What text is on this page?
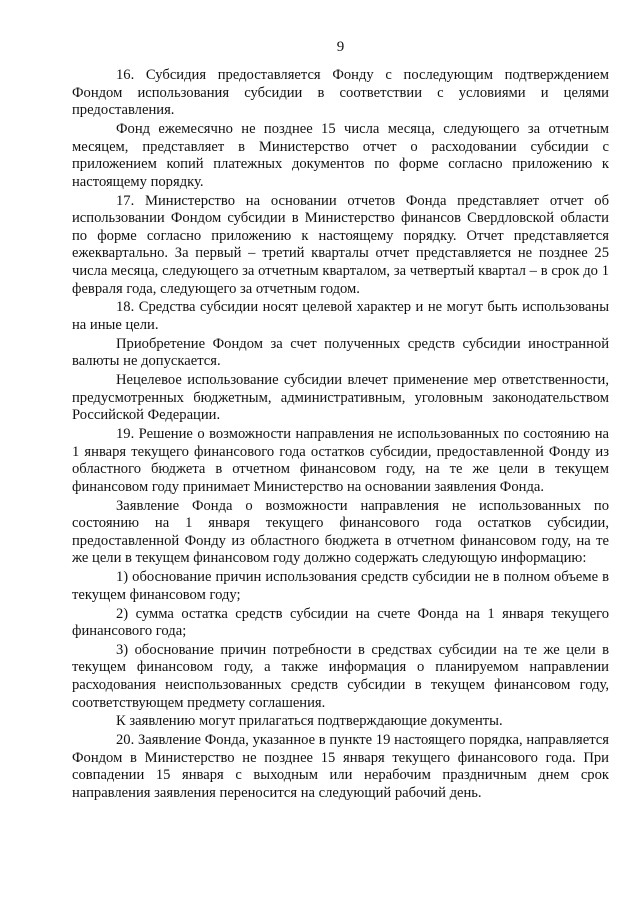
9

16. Субсидия предоставляется Фонду с последующим подтверждением Фондом использования субсидии в соответствии с условиями и целями предоставления.

Фонд ежемесячно не позднее 15 числа месяца, следующего за отчетным месяцем, представляет в Министерство отчет о расходовании субсидии с приложением копий платежных документов по форме согласно приложению к настоящему порядку.

17. Министерство на основании отчетов Фонда представляет отчет об использовании Фондом субсидии в Министерство финансов Свердловской области по форме согласно приложению к настоящему порядку. Отчет представляется ежеквартально. За первый – третий кварталы отчет представляется не позднее 25 числа месяца, следующего за отчетным кварталом, за четвертый квартал – в срок до 1 февраля года, следующего за отчетным годом.

18. Средства субсидии носят целевой характер и не могут быть использованы на иные цели.

Приобретение Фондом за счет полученных средств субсидии иностранной валюты не допускается.

Нецелевое использование субсидии влечет применение мер ответственности, предусмотренных бюджетным, административным, уголовным законодательством Российской Федерации.

19. Решение о возможности направления не использованных по состоянию на 1 января текущего финансового года остатков субсидии, предоставленной Фонду из областного бюджета в отчетном финансовом году, на те же цели в текущем финансовом году принимает Министерство на основании заявления Фонда.

Заявление Фонда о возможности направления не использованных по состоянию на 1 января текущего финансового года остатков субсидии, предоставленной Фонду из областного бюджета в отчетном финансовом году, на те же цели в текущем финансовом году должно содержать следующую информацию:

1) обоснование причин использования средств субсидии не в полном объеме в текущем финансовом году;

2) сумма остатка средств субсидии на счете Фонда на 1 января текущего финансового года;

3) обоснование причин потребности в средствах субсидии на те же цели в текущем финансовом году, а также информация о планируемом направлении расходования неиспользованных средств субсидии в текущем финансовом году, соответствующем предмету соглашения.

К заявлению могут прилагаться подтверждающие документы.

20. Заявление Фонда, указанное в пункте 19 настоящего порядка, направляется Фондом в Министерство не позднее 15 января текущего финансового года. При совпадении 15 января с выходным или нерабочим праздничным днем срок направления заявления переносится на следующий рабочий день.
